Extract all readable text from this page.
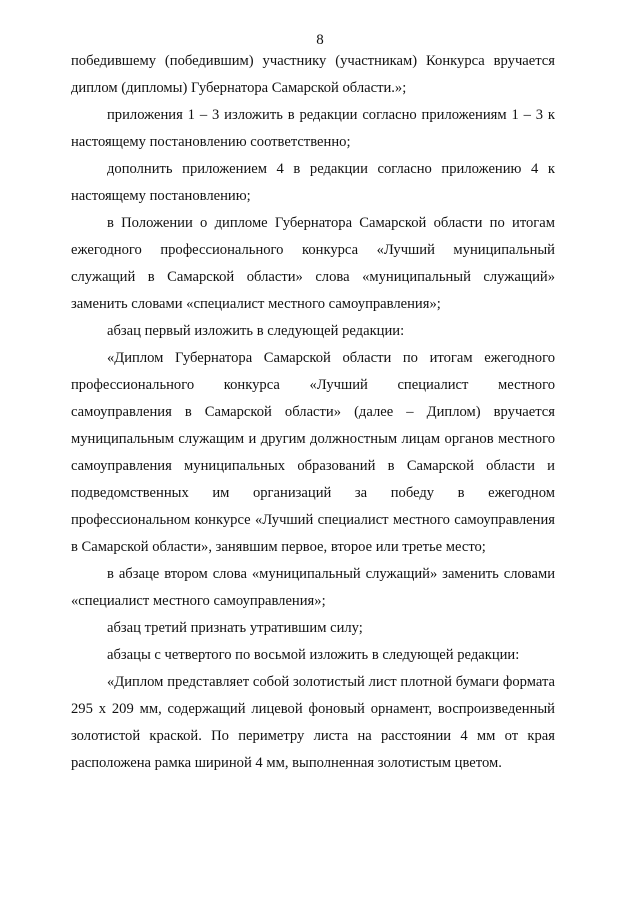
8

победившему (победившим) участнику (участникам) Конкурса вручается диплом (дипломы) Губернатора Самарской области.»;

приложения 1 – 3 изложить в редакции согласно приложениям 1 – 3 к настоящему постановлению соответственно;

дополнить приложением 4 в редакции согласно приложению 4 к настоящему постановлению;

в Положении о дипломе Губернатора Самарской области по итогам ежегодного профессионального конкурса «Лучший муниципальный служащий в Самарской области» слова «муниципальный служащий» заменить словами «специалист местного самоуправления»;

абзац первый изложить в следующей редакции:

«Диплом Губернатора Самарской области по итогам ежегодного профессионального конкурса «Лучший специалист местного самоуправления в Самарской области» (далее – Диплом) вручается муниципальным служащим и другим должностным лицам органов местного самоуправления муниципальных образований в Самарской области и подведомственных им организаций за победу в ежегодном профессиональном конкурсе «Лучший специалист местного самоуправления в Самарской области», занявшим первое, второе или третье место;

в абзаце втором слова «муниципальный служащий» заменить словами «специалист местного самоуправления»;

абзац третий признать утратившим силу;

абзацы с четвертого по восьмой изложить в следующей редакции:

«Диплом представляет собой золотистый лист плотной бумаги формата 295 х 209 мм, содержащий лицевой фоновый орнамент, воспроизведенный золотистой краской. По периметру листа на расстоянии 4 мм от края расположена рамка шириной 4 мм, выполненная золотистым цветом.
